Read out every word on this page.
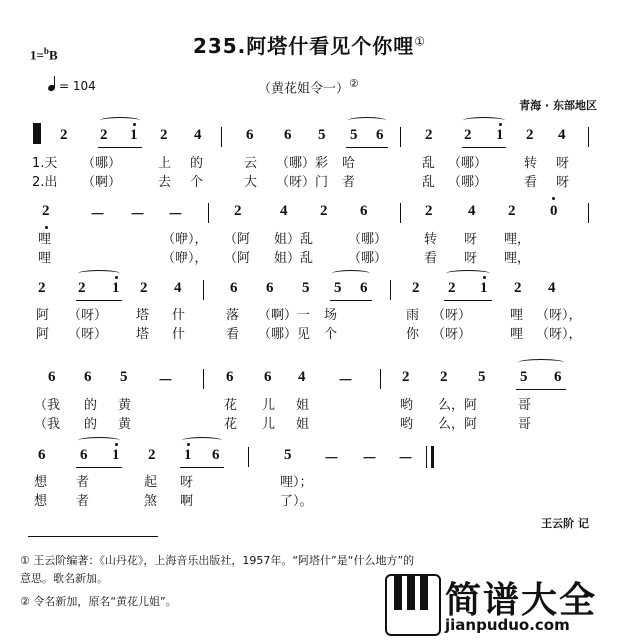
235.阿塔什看见个你哩①
1=$^b$B
= 104	（黄花姐令一）②
青海 · 东部地区
2 2 1 2 4	6 6 5 5 6	2 2 1 2 4
1.天 （哪）	上 的	云 （哪）彩 哈	乱 （哪）	转 呀
2.出 （啊）	去 个	大 （呀）门 者	乱 （哪）	看 呀
2	－ － －	2	4 2 6	2 4 2 0
哩	（咿）， （阿 姐）乱	（哪）	转 呀 哩，
哩	（咿）， （阿 姐）乱	（哪）	看 呀 哩，
2 2 1 2 4	6 6 5 5 6	2 2 1 2 4
阿 （呀） 塔 什	落 （啊）一 场	雨 （呀）	哩 （呀），
阿 （呀） 塔 什	看 （哪）见 个	你 （呀）	哩 （呀），
6 6 5 －	6 6 4 －	2 2 5 5 6
（我 的 黄	花 儿 姐	哟 么，阿	哥
（我 的 黄	花 儿 姐	哟 么，阿	哥
6 6 1 2 1 6	5 － － －
想 者	起 呀	哩）；
想 者	煞 啊	了）。
王云阶 记
① 王云阶编著：《山丹花》，上海音乐出版社，1957年。“阿塔什”是“什么地方”的意思。歌名新加。
② 令名新加，原名“黄花儿姐”。	简谱大全
jianpuduo.com
